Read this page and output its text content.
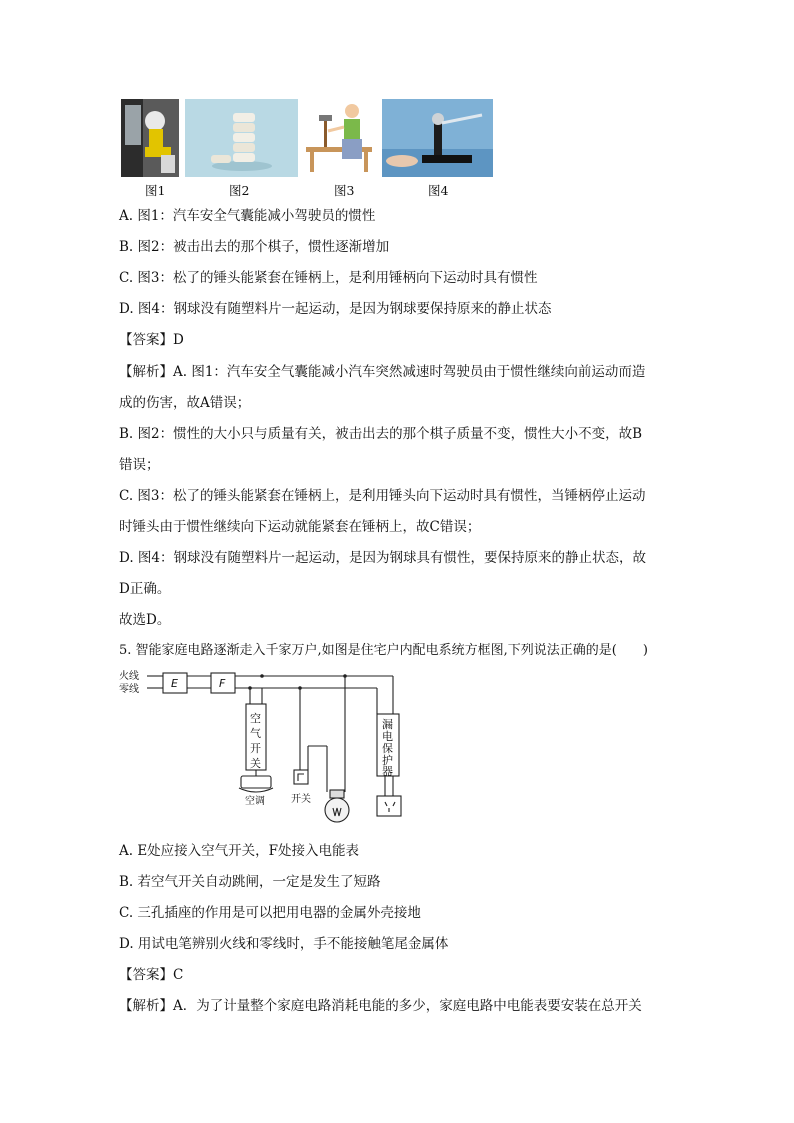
图1	图2	图3	图4
A. 图1：汽车安全气囊能减小驾驶员的惯性
B. 图2：被击出去的那个棋子，惯性逐渐增加
C. 图3：松了的锤头能紧套在锤柄上，是利用锤柄向下运动时具有惯性
D. 图4：钢球没有随塑料片一起运动，是因为钢球要保持原来的静止状态
【答案】D
【解析】A. 图1：汽车安全气囊能减小汽车突然减速时驾驶员由于惯性继续向前运动而造
成的伤害，故A错误；
B. 图2：惯性的大小只与质量有关，被击出去的那个棋子质量不变，惯性大小不变，故B
错误；
C. 图3：松了的锤头能紧套在锤柄上，是利用锤头向下运动时具有惯性，当锤柄停止运动
时锤头由于惯性继续向下运动就能紧套在锤柄上，故C错误；
D. 图4：钢球没有随塑料片一起运动，是因为钢球具有惯性，要保持原来的静止状态，故
D正确。
故选D。
5. 智能家庭电路逐渐走入千家万户,如图是住宅户内配电系统方框图,下列说法正确的是(　　)
火线
零线	E	F
空
气
开
关
漏
电
保
护
器
空调	开关
A. E处应接入空气开关，F处接入电能表
B. 若空气开关自动跳闸，一定是发生了短路
C. 三孔插座的作用是可以把用电器的金属外壳接地
D. 用试电笔辨别火线和零线时，手不能接触笔尾金属体
【答案】C
【解析】A．为了计量整个家庭电路消耗电能的多少，家庭电路中电能表要安装在总开关
